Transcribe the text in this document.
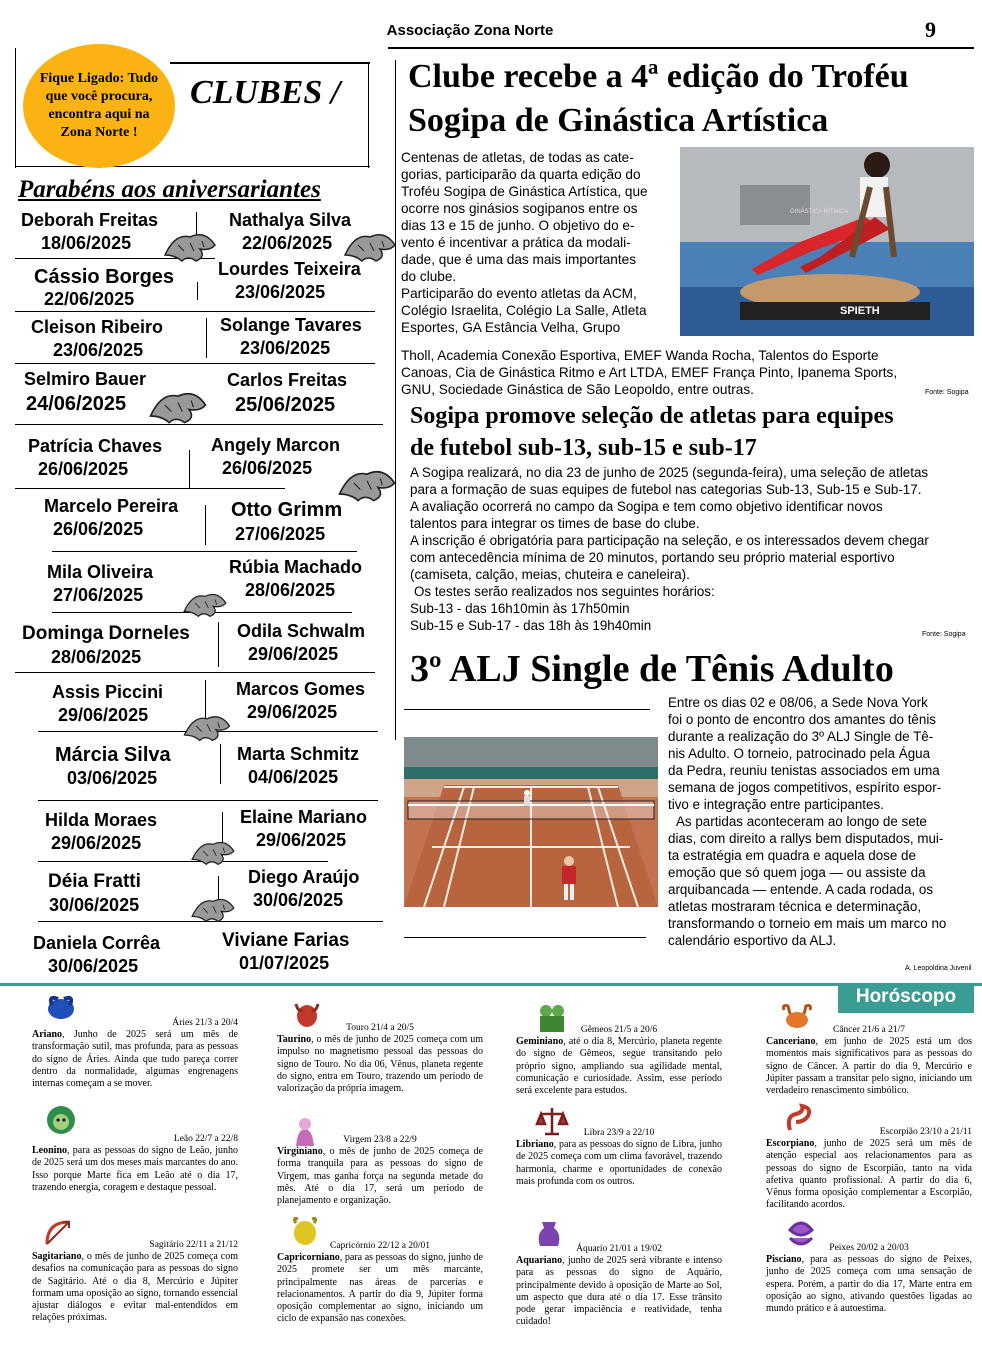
Associação Zona Norte	9
Fique Ligado: Tudo que você procura, encontra aqui na Zona Norte !
CLUBES /
Parabéns aos aniversariantes
Deborah Freitas
18/06/2025
Nathalya Silva
22/06/2025
Cássio Borges
22/06/2025
Lourdes Teixeira
23/06/2025
Cleison Ribeiro
23/06/2025
Solange Tavares
23/06/2025
Selmiro Bauer
24/06/2025
Carlos Freitas
25/06/2025
Patrícia Chaves
26/06/2025
Angely Marcon
26/06/2025
Marcelo Pereira
26/06/2025
Otto Grimm
27/06/2025
Mila Oliveira
27/06/2025
Rúbia Machado
28/06/2025
Dominga Dorneles
28/06/2025
Odila Schwalm
29/06/2025
Assis Piccini
29/06/2025
Marcos Gomes
29/06/2025
Márcia Silva
03/06/2025
Marta Schmitz
04/06/2025
Hilda Moraes
29/06/2025
Elaine Mariano
29/06/2025
Déia Fratti
30/06/2025
Diego Araújo
30/06/2025
Daniela Corrêa
30/06/2025
Viviane Farias
01/07/2025
Clube recebe a 4ª edição do Troféu
Sogipa de Ginástica Artística
Centenas de atletas, de todas as cate-
gorias, participarão da quarta edição do
Troféu Sogipa de Ginástica Artística, que
ocorre nos ginásios sogipanos entre os
dias 13 e 15 de junho. O objetivo do e-
vento é incentivar a prática da modali-
dade, que é uma das mais importantes
do clube.
Participarão do evento atletas da ACM,
Colégio Israelita, Colégio La Salle, Atleta
Esportes, GA Estância Velha, Grupo
Tholl, Academia Conexão Esportiva, EMEF Wanda Rocha, Talentos do Esporte
Canoas, Cia de Ginástica Ritmo e Art LTDA, EMEF França Pinto, Ipanema Sports,
GNU, Sociedade Ginástica de São Leopoldo, entre outras.	Fonte: Sogipa
GINÁSTICA RÍTMICA
SPIETH
Sogipa promove seleção de atletas para equipes
de futebol sub-13, sub-15 e sub-17
A Sogipa realizará, no dia 23 de junho de 2025 (segunda-feira), uma seleção de atletas
para a formação de suas equipes de futebol nas categorias Sub-13, Sub-15 e Sub-17.
A avaliação ocorrerá no campo da Sogipa e tem como objetivo identificar novos
talentos para integrar os times de base do clube.
A inscrição é obrigatória para participação na seleção, e os interessados devem chegar
com antecedência mínima de 20 minutos, portando seu próprio material esportivo
(camiseta, calção, meias, chuteira e caneleira).
Os testes serão realizados nos seguintes horários:
Sub-13 - das 16h10min às 17h50min
Sub-15 e Sub-17 - das 18h às 19h40min
Fonte: Sogipa
3º ALJ Single de Tênis Adulto
Entre os dias 02 e 08/06, a Sede Nova York
foi o ponto de encontro dos amantes do tênis
durante a realização do 3º ALJ Single de Tê-
nis Adulto. O torneio, patrocinado pela Água
da Pedra, reuniu tenistas associados em uma
semana de jogos competitivos, espírito espor-
tivo e integração entre participantes.
As partidas aconteceram ao longo de sete
dias, com direito a rallys bem disputados, mui-
ta estratégia em quadra e aquela dose de
emoção que só quem joga — ou assiste da
arquibancada — entende. A cada rodada, os
atletas mostraram técnica e determinação,
transformando o torneio em mais um marco no
calendário esportivo da ALJ.
A. Leopoldina Juvenil
Horóscopo
Áries 21/3 a 20/4
Ariano, Junho de 2025 será um mês de transformação sutil, mas profunda, para as pessoas do signo de Áries. Ainda que tudo pareça correr dentro da normalidade, algumas engrenagens internas começam a se mover.
Leão 22/7 a 22/8
Leonino, para as pessoas do signo de Leão, junho de 2025 será um dos meses mais marcantes do ano. Isso porque Marte fica em Leão até o dia 17, trazendo energia, coragem e destaque pessoal.
Sagitário 22/11 a 21/12
Sagitariano, o mês de junho de 2025 começa com desafios na comunicação para as pessoas do signo de Sagitário. Até o dia 8, Mercúrio e Júpiter formam uma oposição ao signo, tornando essencial ajustar diálogos e evitar mal-entendidos em relações próximas.
Touro 21/4 a 20/5
Taurino, o mês de junho de 2025 começa com um impulso no magnetismo pessoal das pessoas do signo de Touro. No dia 06, Vênus, planeta regente do signo, entra em Touro, trazendo um período de valorização da própria imagem.
Virgem 23/8 a 22/9
Virginiano, o mês de junho de 2025 começa de forma tranquila para as pessoas do signo de Virgem, mas ganha força na segunda metade do mês. Até o dia 17, será um período de planejamento e organização.
Capricórnio 22/12 a 20/01
Capricorniano, para as pessoas do signo, junho de 2025 promete ser um mês marcante, principalmente nas áreas de parcerias e relacionamentos. A partir do dia 9, Júpiter forma oposição complementar ao signo, iniciando um ciclo de expansão nas conexões.
Gêmeos 21/5 a 20/6
Geminiano, até o dia 8, Mercúrio, planeta regente do signo de Gêmeos, segue transitando pelo próprio signo, ampliando sua agilidade mental, comunicação e curiosidade. Assim, esse período será excelente para estudos.
Libra 23/9 a 22/10
Libriano, para as pessoas do signo de Libra, junho de 2025 começa com um clima favorável, trazendo harmonia, charme e oportunidades de conexão mais profunda com os outros.
Áquario 21/01 a 19/02
Aquariano, junho de 2025 será vibrante e intenso para as pessoas do signo de Aquário, principalmente devido à oposição de Marte ao Sol, um aspecto que dura até o dia 17. Esse trânsito pode gerar impaciência e reatividade, tenha cuidado!
Câncer 21/6 a 21/7
Canceriano, em junho de 2025 está um dos momentos mais significativos para as pessoas do signo de Câncer. A partir do dia 9, Mercúrio e Júpiter passam a transitar pelo signo, iniciando um verdadeiro renascimento simbólico.
Escorpião 23/10 a 21/11
Escorpiano, junho de 2025 será um mês de atenção especial aos relacionamentos para as pessoas do signo de Escorpião, tanto na vida afetiva quanto profissional. A partir do dia 6, Vênus forma oposição complementar a Escorpião, facilitando acordos.
Peixes 20/02 a 20/03
Pisciano, para as pessoas do signo de Peixes, junho de 2025 começa com uma sensação de espera. Porém, a partir do dia 17, Marte entra em oposição ao signo, ativando questões ligadas ao mundo prático e à autoestima.
